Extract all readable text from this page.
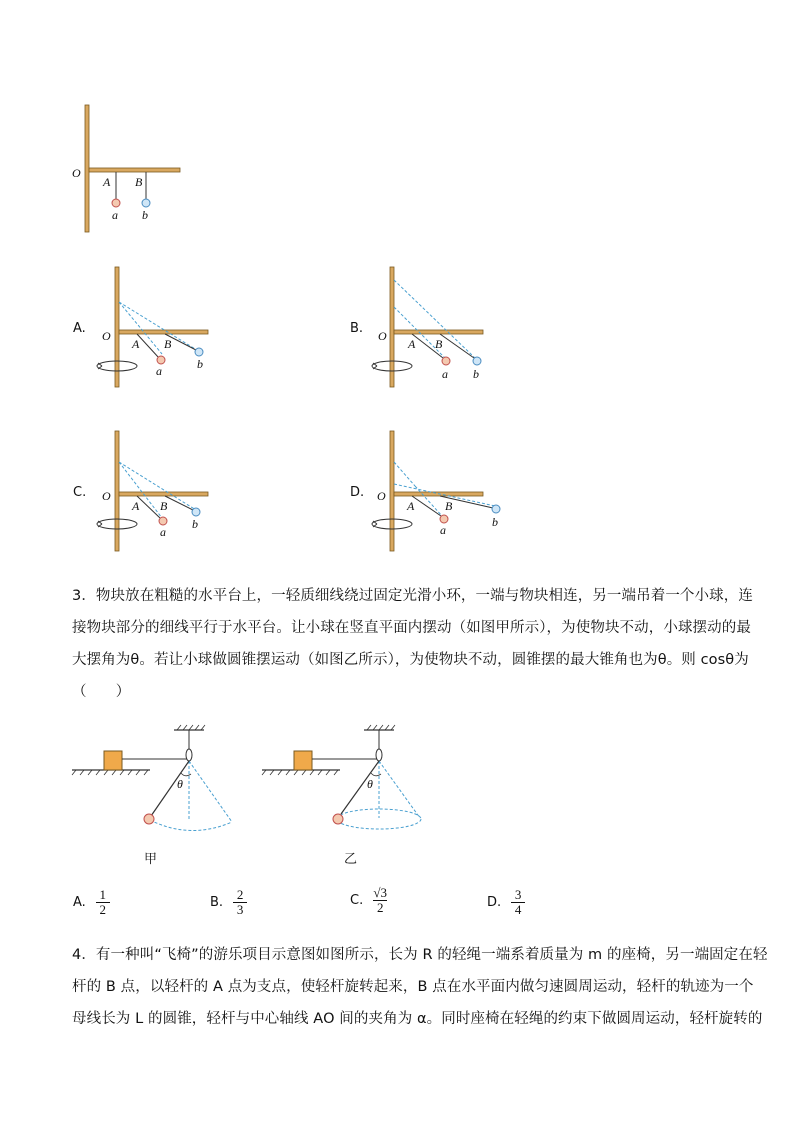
O
A B
a b
A. O
A B
a	b
B. O
A B
a b
C. O
A B
a
b
D. O
A	B
a
b
3．物块放在粗糙的水平台上，一轻质细线绕过固定光滑小环，一端与物块相连，另一端吊着一个小球，连
接物块部分的细线平行于水平台。让小球在竖直平面内摆动（如图甲所示），为使物块不动，小球摆动的最
大摆角为θ。若让小球做圆锥摆运动（如图乙所示），为使物块不动，圆锥摆的最大锥角也为θ。则 cosθ为
（　　）
θ
甲
θ
乙
A. $\frac{1}{2}$	B. $\frac{2}{3}$	C. $\frac{√3}{2}$	D. $\frac{3}{4}$
4．有一种叫“飞椅”的游乐项目示意图如图所示，长为 R 的轻绳一端系着质量为 m 的座椅，另一端固定在轻
杆的 B 点，以轻杆的 A 点为支点，使轻杆旋转起来，B 点在水平面内做匀速圆周运动，轻杆的轨迹为一个
母线长为 L 的圆锥，轻杆与中心轴线 AO 间的夹角为 α。同时座椅在轻绳的约束下做圆周运动，轻杆旋转的
